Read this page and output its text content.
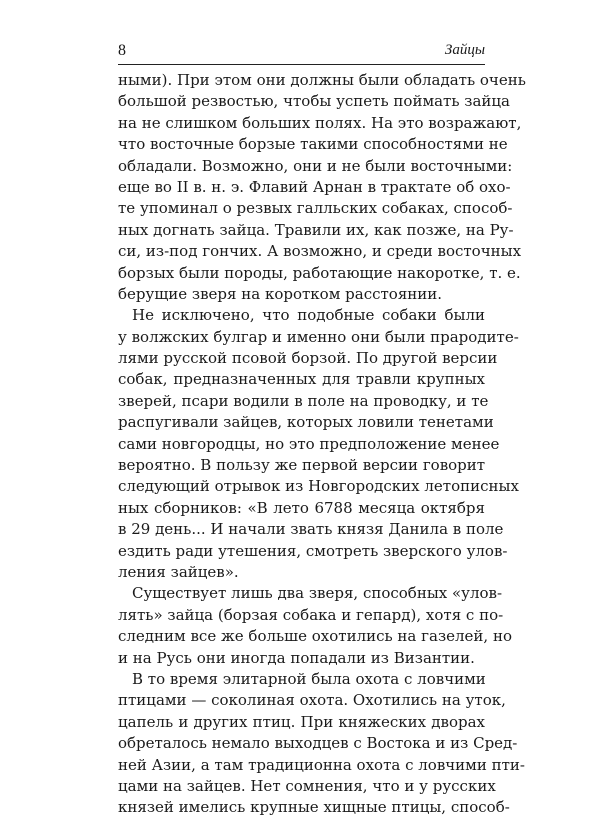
8	Зайцы
ными). При этом они должны были обладать очень
большой резвостью, чтобы успеть поймать зайца
на не слишком больших полях. На это возражают,
что восточные борзые такими способностями не
обладали. Возможно, они и не были восточными:
еще во II в. н. э. Флавий Арнан в трактате об охо-
те упоминал о резвых галльских собаках, способ-
ных догнать зайца. Травили их, как позже, на Ру-
си, из-под гончих. А возможно, и среди восточных
борзых были породы, работающие накоротке, т. е.
берущие зверя на коротком расстоянии.
Не исключено, что подобные собаки были
у волжских булгар и именно они были прародите-
лями русской псовой борзой. По другой версии
собак, предназначенных для травли крупных
зверей, псари водили в поле на проводку, и те
распугивали зайцев, которых ловили тенетами
сами новгородцы, но это предположение менее
вероятно. В пользу же первой версии говорит
следующий отрывок из Новгородских летописных
ных сборников: «В лето 6788 месяца октября
в 29 день... И начали звать князя Данила в поле
ездить ради утешения, смотреть зверского улов-
ления зайцев».
Существует лишь два зверя, способных «улов-
лять» зайца (борзая собака и гепард), хотя с по-
следним все же больше охотились на газелей, но
и на Русь они иногда попадали из Византии.
В то время элитарной была охота с ловчими
птицами — соколиная охота. Охотились на уток,
цапель и других птиц. При княжеских дворах
обреталось немало выходцев с Востока и из Сред-
ней Азии, а там традиционна охота с ловчими пти-
цами на зайцев. Нет сомнения, что и у русских
князей имелись крупные хищные птицы, способ-
